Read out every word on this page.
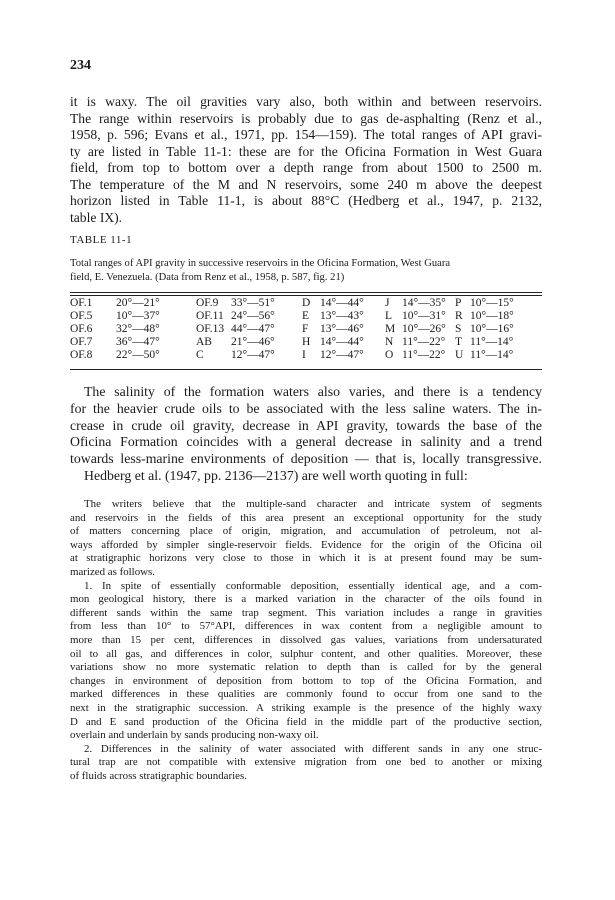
234
it is waxy. The oil gravities vary also, both within and between reservoirs.
The range within reservoirs is probably due to gas de-asphalting (Renz et al.,
1958, p. 596; Evans et al., 1971, pp. 154—159). The total ranges of API gravi-
ty are listed in Table 11-1: these are for the Oficina Formation in West Guara
field, from top to bottom over a depth range from about 1500 to 2500 m.
The temperature of the M and N reservoirs, some 240 m above the deepest
horizon listed in Table 11-1, is about 88°C (Hedberg et al., 1947, p. 2132,
table IX).
TABLE 11-1
Total ranges of API gravity in successive reservoirs in the Oficina Formation, West Guara
field, E. Venezuela. (Data from Renz et al., 1958, p. 587, fig. 21)
OF.1 20°—21°	OF.9 33°—51° D 14°—44° J 14°—35° P 10°—15°
OF.5 10°—37°	OF.11 24°—56° E 13°—43° L 10°—31° R 10°—18°
OF.6 32°—48°	OF.13 44°—47° F 13°—46° M 10°—26° S 10°—16°
OF.7 36°—47°	AB 21°—46° H 14°—44° N 11°—22° T 11°—14°
OF.8 22°—50°	C 12°—47° I 12°—47° O 11°—22° U 11°—14°
The salinity of the formation waters also varies, and there is a tendency
for the heavier crude oils to be associated with the less saline waters. The in-
crease in crude oil gravity, decrease in API gravity, towards the base of the
Oficina Formation coincides with a general decrease in salinity and a trend
towards less-marine environments of deposition — that is, locally transgressive.
Hedberg et al. (1947, pp. 2136—2137) are well worth quoting in full:
The writers believe that the multiple-sand character and intricate system of segments
and reservoirs in the fields of this area present an exceptional opportunity for the study
of matters concerning place of origin, migration, and accumulation of petroleum, not al-
ways afforded by simpler single-reservoir fields. Evidence for the origin of the Oficina oil
at stratigraphic horizons very close to those in which it is at present found may be sum-
marized as follows.
1. In spite of essentially conformable deposition, essentially identical age, and a com-
mon geological history, there is a marked variation in the character of the oils found in
different sands within the same trap segment. This variation includes a range in gravities
from less than 10° to 57°API, differences in wax content from a negligible amount to
more than 15 per cent, differences in dissolved gas values, variations from undersaturated
oil to all gas, and differences in color, sulphur content, and other qualities. Moreover, these
variations show no more systematic relation to depth than is called for by the general
changes in environment of deposition from bottom to top of the Oficina Formation, and
marked differences in these qualities are commonly found to occur from one sand to the
next in the stratigraphic succession. A striking example is the presence of the highly waxy
D and E sand production of the Oficina field in the middle part of the productive section,
overlain and underlain by sands producing non-waxy oil.
2. Differences in the salinity of water associated with different sands in any one struc-
tural trap are not compatible with extensive migration from one bed to another or mixing
of fluids across stratigraphic boundaries.
